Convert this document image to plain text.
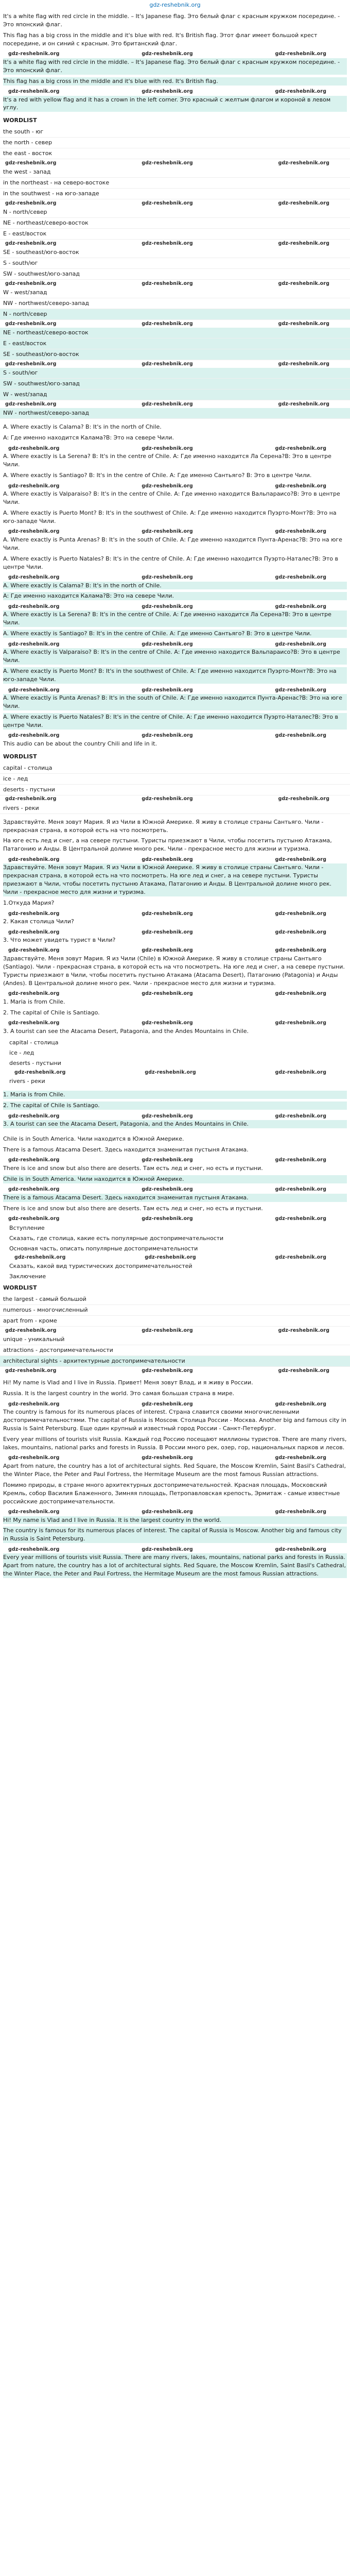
gdz-reshebnik.org

It's a white flag with red circle in the middle. – It's Japanese flag. Это белый флаг с красным кружком посередине. - Это японский флаг.

This flag has a big cross in the middle and it's blue with red. It's British flag. Этот флаг имеет большой крест посередине, и он синий с красным. Это британский флаг.

gdz-reshebnik.org	gdz-reshebnik.org	gdz-reshebnik.org

It's a white flag with red circle in the middle. – It's Japanese flag. Это белый флаг с красным кружком посередине. - Это японский флаг.

This flag has a big cross in the middle and it's blue with red. It's British flag.

gdz-reshebnik.org	gdz-reshebnik.org	gdz-reshebnik.org

It's a red with yellow flag and it has a crown in the left corner. Это красный с желтым флагом и короной в левом углу.

WORDLIST
the south - юг
the north - север
the east - восток
gdz-reshebnik.org	gdz-reshebnik.org	gdz-reshebnik.org
the west - запад
in the northeast - на северо-востоке
in the southwest - на юго-западе
gdz-reshebnik.org	gdz-reshebnik.org	gdz-reshebnik.org
N - north/север
NE - northeast/северо-восток
E - east/восток
gdz-reshebnik.org	gdz-reshebnik.org	gdz-reshebnik.org
SE - southeast/юго-восток
S - south/юг
SW - southwest/юго-запад
gdz-reshebnik.org	gdz-reshebnik.org	gdz-reshebnik.org
W - west/запад
NW - northwest/северо-запад
N - north/север
gdz-reshebnik.org	gdz-reshebnik.org	gdz-reshebnik.org
NE - northeast/северо-восток
E - east/восток
SE - southeast/юго-восток
gdz-reshebnik.org	gdz-reshebnik.org	gdz-reshebnik.org
S - south/юг
SW - southwest/юго-запад
W - west/запад
gdz-reshebnik.org	gdz-reshebnik.org	gdz-reshebnik.org
NW - northwest/северо-запад

A. Where exactly is Calama? B: It's in the north of Chile.

А: Где именно находится Калама?В: Это на севере Чили.

gdz-reshebnik.org	gdz-reshebnik.org	gdz-reshebnik.org

A. Where exactly is La Serena? B: It's in the centre of Chile. А: Где именно находится Ла Серена?В: Это в центре Чили.

A. Where exactly is Santiago? B: It's in the centre of Chile. А: Где именно Сантьяго? В: Это в центре Чили.

gdz-reshebnik.org	gdz-reshebnik.org	gdz-reshebnik.org

A. Where exactly is Valparaiso? B: It's in the centre of Chile. А: Где именно находится Вальпараисо?В: Это в центре Чили.

A. Where exactly is Puerto Mont? B: It's in the southwest of Chile. А: Где именно находится Пуэрто-Монт?В: Это на юго-западе Чили.

gdz-reshebnik.org	gdz-reshebnik.org	gdz-reshebnik.org

A. Where exactly is Punta Arenas? B: It's in the south of Chile. А: Где именно находится Пунта-Аренас?В: Это на юге Чили.

A. Where exactly is Puerto Natales? B: It's in the centre of Chile. А: Где именно находится Пуэрто-Наталес?В: Это в центре Чили.

gdz-reshebnik.org	gdz-reshebnik.org	gdz-reshebnik.org

A. Where exactly is Calama? B: It's in the north of Chile.

А: Где именно находится Калама?В: Это на севере Чили.

gdz-reshebnik.org	gdz-reshebnik.org	gdz-reshebnik.org

A. Where exactly is La Serena? B: It's in the centre of Chile. А: Где именно находится Ла Серена?В: Это в центре Чили.

A. Where exactly is Santiago? B: It's in the centre of Chile. А: Где именно Сантьяго? В: Это в центре Чили.

gdz-reshebnik.org	gdz-reshebnik.org	gdz-reshebnik.org

A. Where exactly is Valparaiso? B: It's in the centre of Chile. А: Где именно находится Вальпараисо?В: Это в центре Чили.

A. Where exactly is Puerto Mont? B: It's in the southwest of Chile. А: Где именно находится Пуэрто-Монт?В: Это на юго-западе Чили.

gdz-reshebnik.org	gdz-reshebnik.org	gdz-reshebnik.org

A. Where exactly is Punta Arenas? B: It's in the south of Chile. А: Где именно находится Пунта-Аренас?В: Это на юге Чили.

A. Where exactly is Puerto Natales? B: It's in the centre of Chile. А: Где именно находится Пуэрто-Наталес?В: Это в центре Чили.

gdz-reshebnik.org	gdz-reshebnik.org	gdz-reshebnik.org

This audio can be about the country Chili and life in it.

WORDLIST
capital - столица
ice - лед
deserts - пустыни
gdz-reshebnik.org	gdz-reshebnik.org	gdz-reshebnik.org
rivers - реки

Здравствуйте. Меня зовут Мария. Я из Чили в Южной Америке. Я живу в столице страны Сантьяго. Чили - прекрасная страна, в которой есть на что посмотреть.

На юге есть лед и снег, а на севере пустыни. Туристы приезжают в Чили, чтобы посетить пустыню Атакама, Патагонию и Анды. В Центральной долине много рек. Чили - прекрасное место для жизни и туризма.

gdz-reshebnik.org	gdz-reshebnik.org	gdz-reshebnik.org

Здравствуйте. Меня зовут Мария. Я из Чили в Южной Америке. Я живу в столице страны Сантьяго. Чили - прекрасная страна, в которой есть на что посмотреть. На юге лед и снег, а на севере пустыни. Туристы приезжают в Чили, чтобы посетить пустыню Атакама, Патагонию и Анды. В Центральной долине много рек. Чили - прекрасное место для жизни и туризма.

1.Откуда Мария?

gdz-reshebnik.org	gdz-reshebnik.org	gdz-reshebnik.org

2. Какая столица Чили?

gdz-reshebnik.org	gdz-reshebnik.org	gdz-reshebnik.org

3. Что может увидеть турист в Чили?

gdz-reshebnik.org	gdz-reshebnik.org	gdz-reshebnik.org

Здравствуйте. Меня зовут Мария. Я из Чили (Chile) в Южной Америке. Я живу в столице страны Сантьяго (Santiago). Чили - прекрасная страна, в которой есть на что посмотреть. На юге лед и снег, а на севере пустыни. Туристы приезжают в Чили, чтобы посетить пустыню Атакама (Atacama Desert), Патагонию (Patagonia) и Анды (Andes). В Центральной долине много рек. Чили - прекрасное место для жизни и туризма.

gdz-reshebnik.org	gdz-reshebnik.org	gdz-reshebnik.org

1. Maria is from Chile.

2. The capital of Chile is Santiago.

gdz-reshebnik.org	gdz-reshebnik.org	gdz-reshebnik.org

3. A tourist can see the Atacama Desert, Patagonia, and the Andes Mountains in Chile.

capital - столица
ice - лед
deserts - пустыни
gdz-reshebnik.org	gdz-reshebnik.org	gdz-reshebnik.org
rivers - реки

1. Maria is from Chile.

2. The capital of Chile is Santiago.

gdz-reshebnik.org	gdz-reshebnik.org	gdz-reshebnik.org

3. A tourist can see the Atacama Desert, Patagonia, and the Andes Mountains in Chile.

Chile is in South America. Чили находится в Южной Америке.

There is a famous Atacama Desert. Здесь находится знаменитая пустыня Атакама.

gdz-reshebnik.org	gdz-reshebnik.org	gdz-reshebnik.org

There is ice and snow but also there are deserts. Там есть лед и снег, но есть и пустыни.

Chile is in South America. Чили находится в Южной Америке.

gdz-reshebnik.org	gdz-reshebnik.org	gdz-reshebnik.org

There is a famous Atacama Desert. Здесь находится знаменитая пустыня Атакама.

There is ice and snow but also there are deserts. Там есть лед и снег, но есть и пустыни.

gdz-reshebnik.org	gdz-reshebnik.org	gdz-reshebnik.org
Вступление
Сказать, где столица, какие есть популярные достопримечательности
Основная часть, описать популярные достопримечательности
gdz-reshebnik.org	gdz-reshebnik.org	gdz-reshebnik.org
Сказать, какой вид туристических достопримечательностей
Заключение
WORDLIST
the largest - самый большой
numerous - многочисленный
apart from - кроме
gdz-reshebnik.org	gdz-reshebnik.org	gdz-reshebnik.org
unique - уникальный
attractions - достопримечательности
architectural sights - архитектурные достопримечательности
gdz-reshebnik.org	gdz-reshebnik.org	gdz-reshebnik.org

Hi! My name is Vlad and I live in Russia. Привет! Меня зовут Влад, и я живу в России.

Russia. It is the largest country in the world. Это самая большая страна в мире.

gdz-reshebnik.org	gdz-reshebnik.org	gdz-reshebnik.org

The country is famous for its numerous places of interest. Страна славится своими многочисленными достопримечательностями. The capital of Russia is Moscow. Столица России - Москва. Another big and famous city in Russia is Saint Petersburg. Еще один крупный и известный город России - Санкт-Петербург.

Every year millions of tourists visit Russia. Каждый год Россию посещают миллионы туристов. There are many rivers, lakes, mountains, national parks and forests in Russia. В России много рек, озер, гор, национальных парков и лесов.

gdz-reshebnik.org	gdz-reshebnik.org	gdz-reshebnik.org

Apart from nature, the country has a lot of architectural sights. Red Square, the Moscow Kremlin, Saint Basil's Cathedral, the Winter Place, the Peter and Paul Fortress, the Hermitage Museum are the most famous Russian attractions.

Помимо природы, в стране много архитектурных достопримечательностей. Красная площадь, Московский Кремль, собор Василия Блаженного, Зимняя площадь, Петропавловская крепость, Эрмитаж - самые известные российские достопримечательности.

gdz-reshebnik.org	gdz-reshebnik.org	gdz-reshebnik.org

Hi! My name is Vlad and I live in Russia. It is the largest country in the world.

The country is famous for its numerous places of interest. The capital of Russia is Moscow. Another big and famous city in Russia is Saint Petersburg.

gdz-reshebnik.org	gdz-reshebnik.org	gdz-reshebnik.org

Every year millions of tourists visit Russia. There are many rivers, lakes, mountains, national parks and forests in Russia. Apart from nature, the country has a lot of architectural sights. Red Square, the Moscow Kremlin, Saint Basil's Cathedral, the Winter Place, the Peter and Paul Fortress, the Hermitage Museum are the most famous Russian attractions.
